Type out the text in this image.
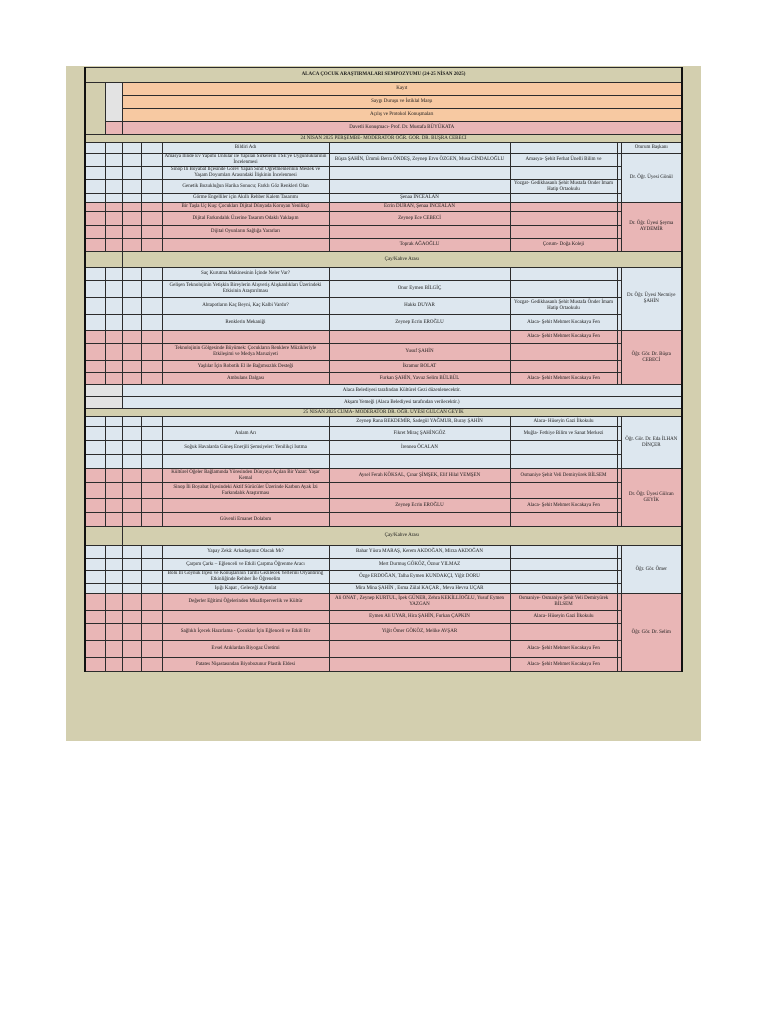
ALACA ÇOCUK ARAŞTIRMALARI SEMPOZYUMU (24-25 NİSAN 2025)								
		Kayıt						
		Saygı Duruşu ve İstiklal Marşı						
		Açılış ve Protokol Konuşmaları						
		Davetli Konuşmacı- Prof. Dr. Mustafa BÜYÜKATA						
24 NİSAN 2025 PERŞEMBE- MODERATÖR ÖĞR. GÖR. DR. BÜŞRA CEBECİ								
				Bildiri Adı				Oturum Başkanı
				Amasya İlinde Ev Yapımı Unlular ile Yapılan Sirkelerin TSE'ye Uygunluklarının İncelenmesi	Büşra ŞAHİN, Ümmü Berra ÖNDEŞ, Zeynep Ervu ÖZGEN, Musa CİNDALOĞLU	Amasya- Şehit Ferhat Ünelli Bilim ve		Dr. Öğr. Üyesi Gönül
				Sinop İli Boyabat İlçesinde Görev Yapan Sınıf Öğretmenlerinin Meslek ve Yaşam Doyumları Arasındaki İlişkinin İncelenmesi				
				Genetik Bozukluğun Harika Sonucu; Farklı Göz Renkleri Olan		Yozgat- Gedikhasanlı Şehit Mustafa Önder İmam Hatip Ortaokulu		
				Görme Engelliler için Akıllı Rehber Kalem Tasarımı	Şenaa İNCEALAN			
				Bir Taşla Üç Kuş: Çocukları Dijital Dünyada Koruyan Yenilikçi	Ecrin DURAN, Şenaa İNCEALAN			Dr. Öğr. Üyesi Şeyma AYDEMİR
				Dijital Farkındalık Üzerine Tasarım Odaklı Yaklaşım	Zeynep Ece CEBECİ			
				Dijital Oyunların Sağlığa Yararları				
					Toprak AĞAOĞLU	Çorum- Doğa Koleji		
		Çay/Kahve Arası						
				Saç Kurutma Makinesinin İçinde Neler Var?				Dr. Öğr. Üyesi Necmiye ŞAHİN
				Gelişen Teknolojinin Yetişkin Bireylerin Alışveriş Alışkanlıkları Üzerindeki Etkisinin Araştırılması	Onur Eymen BİLGİÇ			
				Ahtapotların Kaç Beyni, Kaç Kalbi Vardır?	Hakkı DUYAR	Yozgat- Gedikhasanlı Şehit Mustafa Önder İmam Hatip Ortaokulu		
				Renklerin Mekaniği	Zeynep Ecrin EROĞLU	Alaca- Şehit Mehmet Kocakaya Fen		
						Alaca- Şehit Mehmet Kocakaya Fen		Öğr. Gör. Dr. Büşra CEBECİ
				Teknolojinin Gölgesinde Büyümek: Çocukların Renklere Müzikleriyle Etkileşimi ve Medya Maruziyeti	Yusuf ŞAHİN			
				Yaşlılar İçin Robotik El ile Bağımsızlık Desteği	İkramur BOLAT			
				Ambulans Dalgası	Furkan ŞAHİN, Yavuz Selim BÜLBÜL	Alaca- Şehit Mehmet Kocakaya Fen		
		Alaca Belediyesi tarafından Kültürel Gezi düzenlenecektir.						
		Akşam Yemeği (Alaca Belediyesi tarafından verilecektir.)						
25 NİSAN 2025 CUMA- MODERATÖR DR. ÖĞR. ÜYESİ GÜLCAN GEYİK								
					Zeynep Rana BEKDEMİR, Sadegül YAĞMUR, Buray ŞAHİN	Alaca- Hüseyin Gazi İlkokulu		Öğr. Gör. Dr. Eda İLHAN DİNÇER
				Anlam Arı	Fikret Miraç ŞAHİNGÖZ	Muğla- Fethiye Bilim ve Sanat Merkezi		
				Soğuk Havalarda Güneş Enerjili Şemsiyeler: Yenilikçi Isıtma	İrennea ÖCALAN			

				Kültürel Öğeler Bağlamında Yöresinden Dünyaya Açılan Bir Yazar: Yaşar Kemal	Aysel Ferah KÖKSAL, Çınar ŞİMŞEK, Elif Hilal YEMŞEN	Osmaniye Şehit Veli Demiryürek BİLSEM		Dr. Öğr. Üyesi Gülcan GEYİK
				Sinop İli Boyabat İlçesindeki Aktif Sürücüler Üzerinde Karbon Ayak İzi Farkındalık Araştırması				
					Zeynep Ecrin EROĞLU	Alaca- Şehit Mehmet Kocakaya Fen		
				Güvenli Emanet Dolabım				
		Çay/Kahve Arası						
				Yapay Zekâ: Arkadaşımız Olacak Mı?	Bahar Yüsra MARAŞ, Kerem AKDOĞAN, Mirza AKDOĞAN			Öğr. Gör. Ömer
				Çarpım Çarkı – Eğlenceli ve Etkili Çarpma Öğrenme Aracı	Mert Durmuş GÖKÖZ, Öznur YILMAZ			
				Bolu İli Göynük İlçesi ve Konuşlarının Tarihi Gezilecek Yerlerini Oryantiring Etkinliğinde Rehber İle Öğrenelim	Özge ERDOĞAN, Talha Eymen KUNDAKÇI, Yiğit DORU			
				Işığı Kapat , Geleceği Aydınlat	Mira Mina ŞAHİN , Esma Zülal KAÇAR , Meva Hevva UÇAR			
				Değerler Eğitimi Öğelerinden Misafirperverlik ve Kültür	Ali ONAT , Zeynep KURTUL, İpek GÜNER, Zehra KEKİLLİOĞLU, Yusuf Eymen YAZGAN	Osmaniye- Osmaniye Şehit Veli Demiryürek BİLSEM		Öğr. Gör. Dr. Selim
					Eymen Ali UYAR, Hira ŞAHİN, Furkan ÇAPKIN	Alaca- Hüseyin Gazi İlkokulu		
				Sağlıklı İçecek Hazırlama - Çocuklar İçin Eğlenceli ve Etkili Bir	Yiğit Ömer GÖKÖZ, Melike AVŞAR			
				Evsel Atıklardan Biyogaz Üretimi		Alaca- Şehit Mehmet Kocakaya Fen		
				Patates Nişastasından Biyobozunur Plastik Eldesi		Alaca- Şehit Mehmet Kocakaya Fen		
